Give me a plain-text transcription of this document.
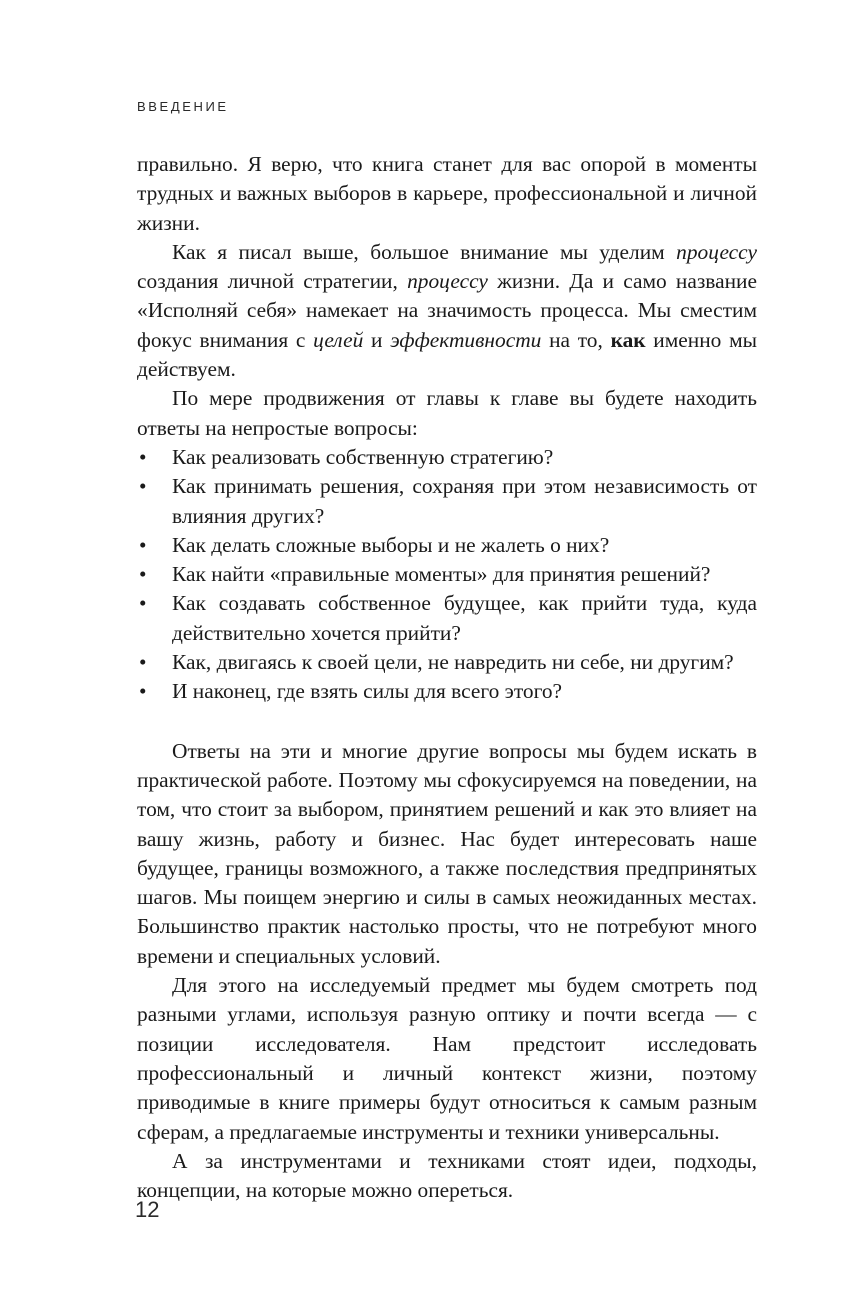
ВВЕДЕНИЕ

правильно. Я верю, что книга станет для вас опорой в моменты трудных и важных выборов в карьере, профессиональной и личной жизни.

Как я писал выше, большое внимание мы уделим процессу создания личной стратегии, процессу жизни. Да и само название «Исполняй себя» намекает на значимость процесса. Мы сместим фокус внимания с целей и эффективности на то, как именно мы действуем.

По мере продвижения от главы к главе вы будете находить ответы на непростые вопросы:

• Как реализовать собственную стратегию?
• Как принимать решения, сохраняя при этом независимость от влияния других?
• Как делать сложные выборы и не жалеть о них?
• Как найти «правильные моменты» для принятия решений?
• Как создавать собственное будущее, как прийти туда, куда действительно хочется прийти?
• Как, двигаясь к своей цели, не навредить ни себе, ни другим?
• И наконец, где взять силы для всего этого?

Ответы на эти и многие другие вопросы мы будем искать в практической работе. Поэтому мы сфокусируемся на поведении, на том, что стоит за выбором, принятием решений и как это влияет на вашу жизнь, работу и бизнес. Нас будет интересовать наше будущее, границы возможного, а также последствия предпринятых шагов. Мы поищем энергию и силы в самых неожиданных местах. Большинство практик настолько просты, что не потребуют много времени и специальных условий.

Для этого на исследуемый предмет мы будем смотреть под разными углами, используя разную оптику и почти всегда — с позиции исследователя. Нам предстоит исследовать профессиональный и личный контекст жизни, поэтому приводимые в книге примеры будут относиться к самым разным сферам, а предлагаемые инструменты и техники универсальны.

А за инструментами и техниками стоят идеи, подходы, концепции, на которые можно опереться.

12
